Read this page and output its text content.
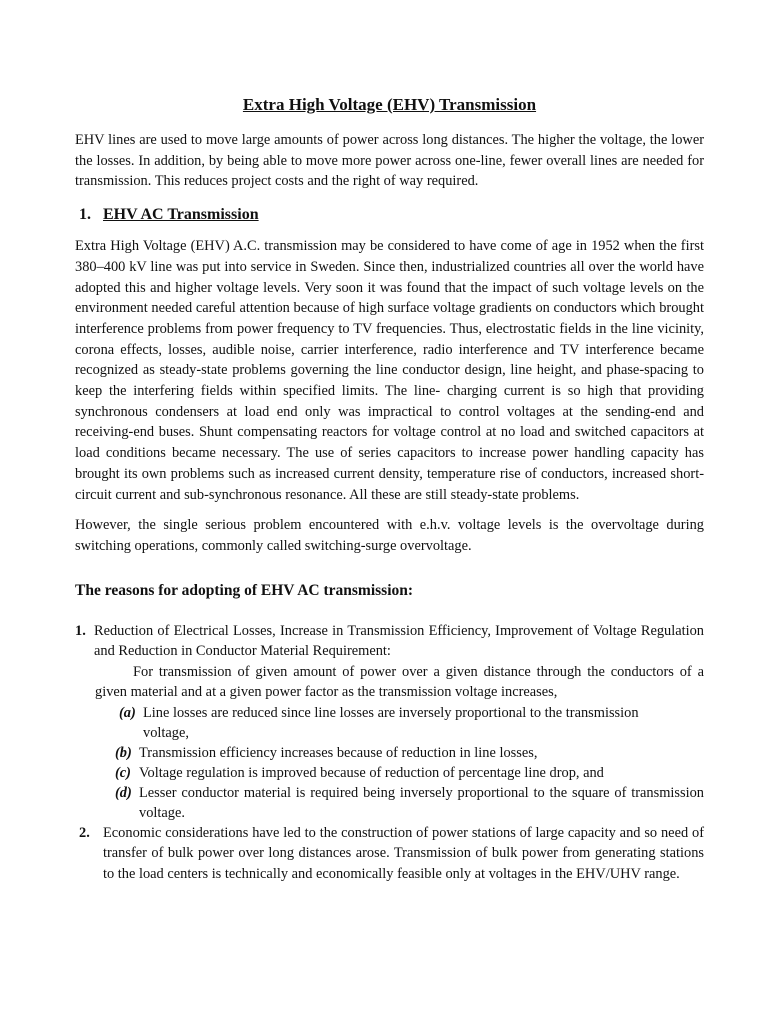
Extra High Voltage (EHV) Transmission

EHV lines are used to move large amounts of power across long distances. The higher the voltage, the lower the losses. In addition, by being able to move more power across one-line, fewer overall lines are needed for transmission. This reduces project costs and the right of way required.

1. EHV AC Transmission

Extra High Voltage (EHV) A.C. transmission may be considered to have come of age in 1952 when the first 380–400 kV line was put into service in Sweden. Since then, industrialized countries all over the world have adopted this and higher voltage levels. Very soon it was found that the impact of such voltage levels on the environment needed careful attention because of high surface voltage gradients on conductors which brought interference problems from power frequency to TV frequencies. Thus, electrostatic fields in the line vicinity, corona effects, losses, audible noise, carrier interference, radio interference and TV interference became recognized as steady-state problems governing the line conductor design, line height, and phase-spacing to keep the interfering fields within specified limits. The line- charging current is so high that providing synchronous condensers at load end only was impractical to control voltages at the sending-end and receiving-end buses. Shunt compensating reactors for voltage control at no load and switched capacitors at load conditions became necessary. The use of series capacitors to increase power handling capacity has brought its own problems such as increased current density, temperature rise of conductors, increased short-circuit current and sub-synchronous resonance. All these are still steady-state problems.

However, the single serious problem encountered with e.h.v. voltage levels is the overvoltage during switching operations, commonly called switching-surge overvoltage.

The reasons for adopting of EHV AC transmission:
1. Reduction of Electrical Losses, Increase in Transmission Efficiency, Improvement of Voltage Regulation and Reduction in Conductor Material Requirement:
For transmission of given amount of power over a given distance through the conductors of a given material and at a given power factor as the transmission voltage increases,
(a) Line losses are reduced since line losses are inversely proportional to the transmission voltage,
(b) Transmission efficiency increases because of reduction in line losses,
(c) Voltage regulation is improved because of reduction of percentage line drop, and
(d) Lesser conductor material is required being inversely proportional to the square of transmission voltage.
2. Economic considerations have led to the construction of power stations of large capacity and so need of transfer of bulk power over long distances arose. Transmission of bulk power from generating stations to the load centers is technically and economically feasible only at voltages in the EHV/UHV range.
